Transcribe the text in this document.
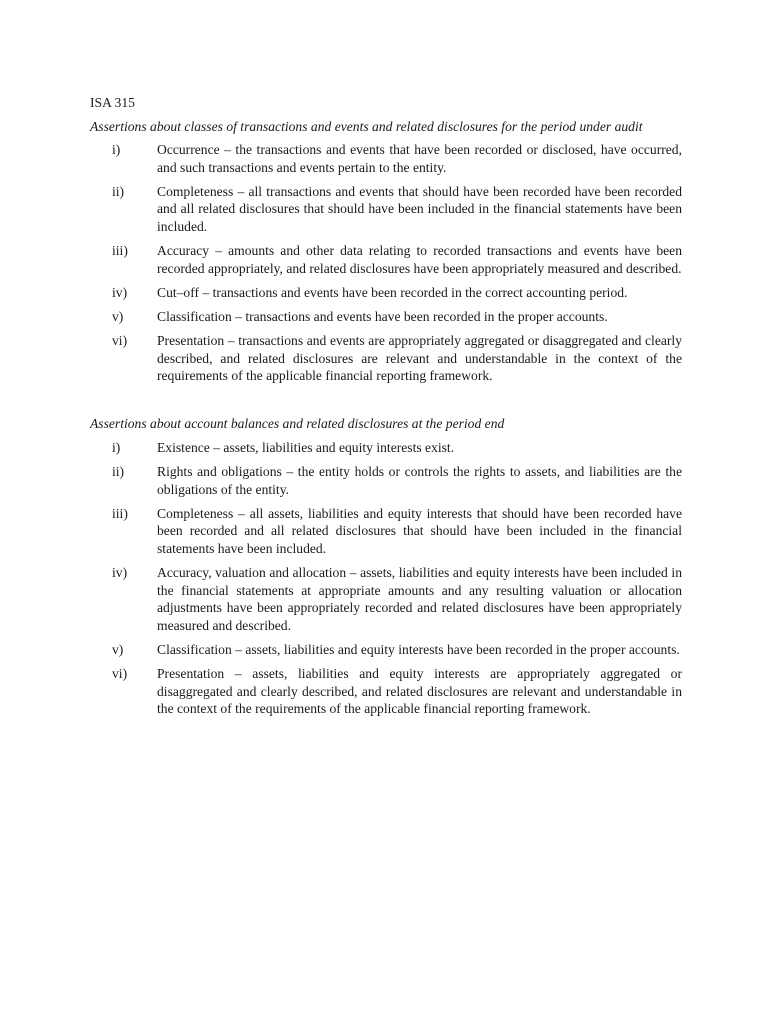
ISA 315
Assertions about classes of transactions and events and related disclosures for the period under audit
i)	Occurrence – the transactions and events that have been recorded or disclosed, have occurred, and such transactions and events pertain to the entity.
ii)	Completeness – all transactions and events that should have been recorded have been recorded and all related disclosures that should have been included in the financial statements have been included.
iii)	Accuracy – amounts and other data relating to recorded transactions and events have been recorded appropriately, and related disclosures have been appropriately measured and described.
iv)	Cut–off – transactions and events have been recorded in the correct accounting period.
v)	Classification – transactions and events have been recorded in the proper accounts.
vi)	Presentation – transactions and events are appropriately aggregated or disaggregated and clearly described, and related disclosures are relevant and understandable in the context of the requirements of the applicable financial reporting framework.
Assertions about account balances and related disclosures at the period end
i)	Existence – assets, liabilities and equity interests exist.
ii)	Rights and obligations – the entity holds or controls the rights to assets, and liabilities are the obligations of the entity.
iii)	Completeness – all assets, liabilities and equity interests that should have been recorded have been recorded and all related disclosures that should have been included in the financial statements have been included.
iv)	Accuracy, valuation and allocation – assets, liabilities and equity interests have been included in the financial statements at appropriate amounts and any resulting valuation or allocation adjustments have been appropriately recorded and related disclosures have been appropriately measured and described.
v)	Classification – assets, liabilities and equity interests have been recorded in the proper accounts.
vi)	Presentation – assets, liabilities and equity interests are appropriately aggregated or disaggregated and clearly described, and related disclosures are relevant and understandable in the context of the requirements of the applicable financial reporting framework.
